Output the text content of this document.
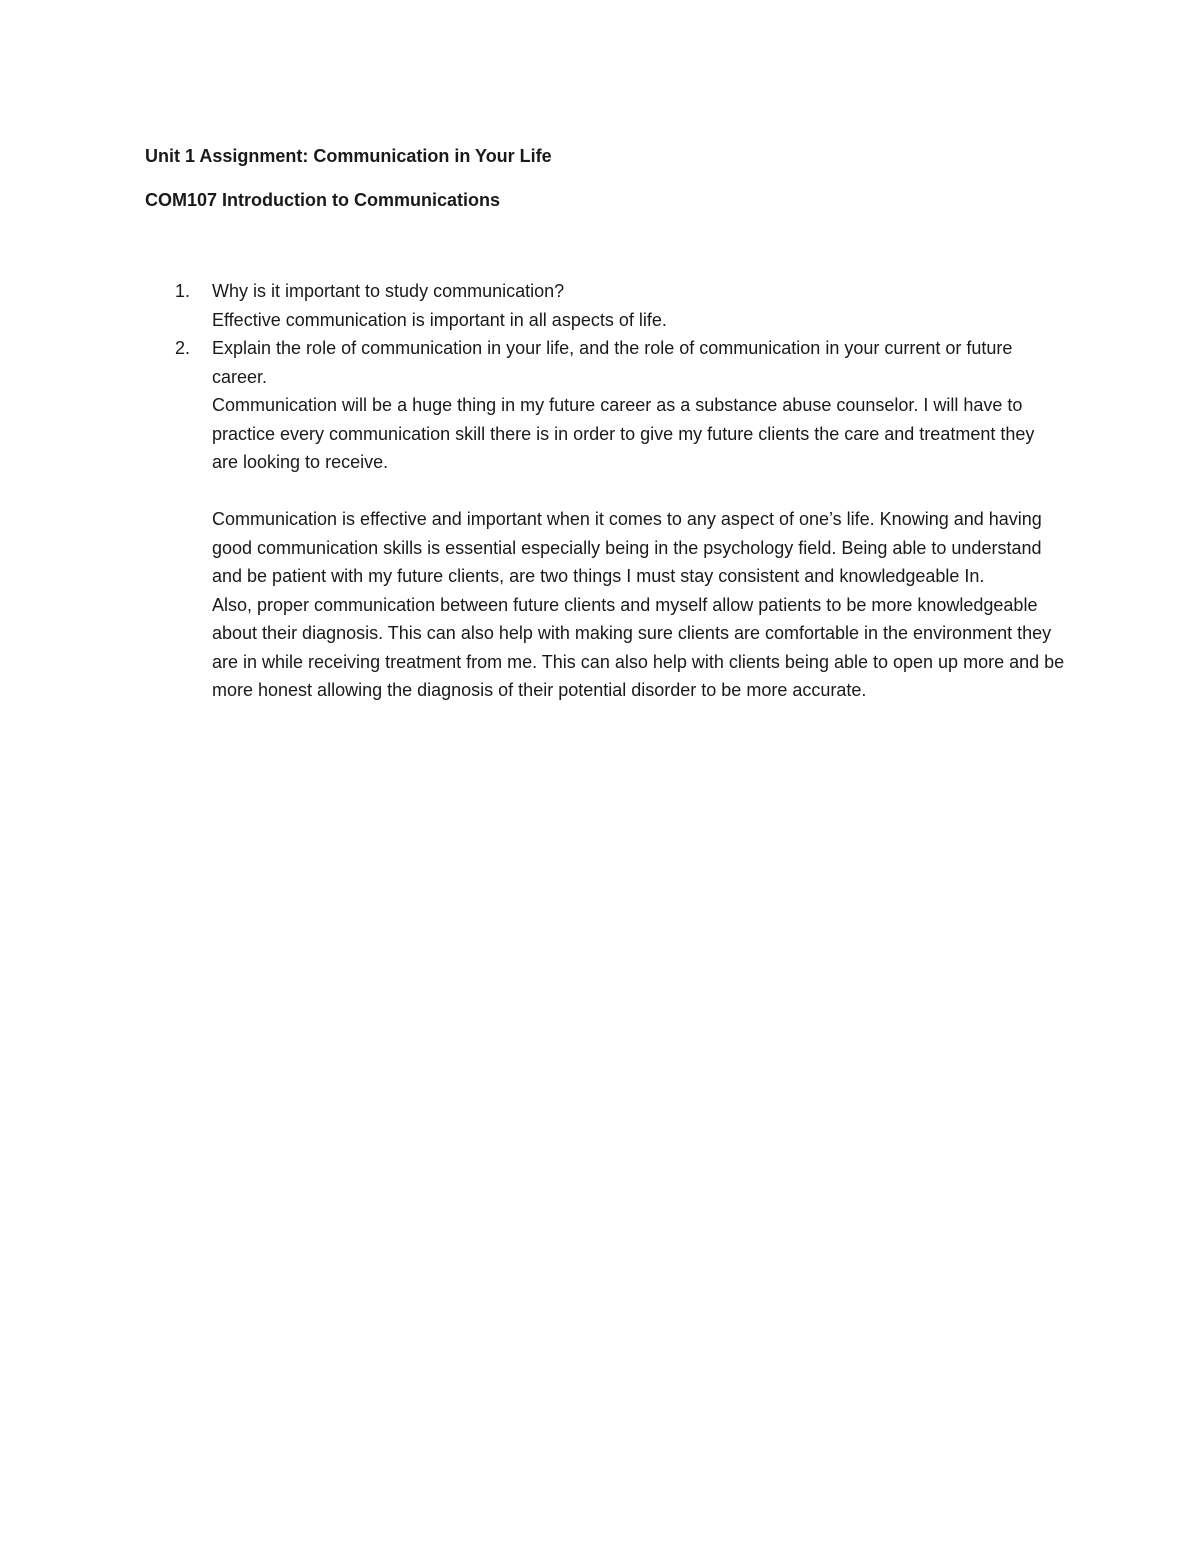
Unit 1 Assignment: Communication in Your Life
COM107 Introduction to Communications
1.	Why is it important to study communication?
Effective communication is important in all aspects of life.
2.	Explain the role of communication in your life, and the role of communication in your current or future career.
Communication will be a huge thing in my future career as a substance abuse counselor. I will have to practice every communication skill there is in order to give my future clients the care and treatment they are looking to receive.
Communication is effective and important when it comes to any aspect of one’s life. Knowing and having good communication skills is essential especially being in the psychology field. Being able to understand and be patient with my future clients, are two things I must stay consistent and knowledgeable In.
Also, proper communication between future clients and myself allow patients to be more knowledgeable about their diagnosis. This can also help with making sure clients are comfortable in the environment they are in while receiving treatment from me. This can also help with clients being able to open up more and be more honest allowing the diagnosis of their potential disorder to be more accurate.
